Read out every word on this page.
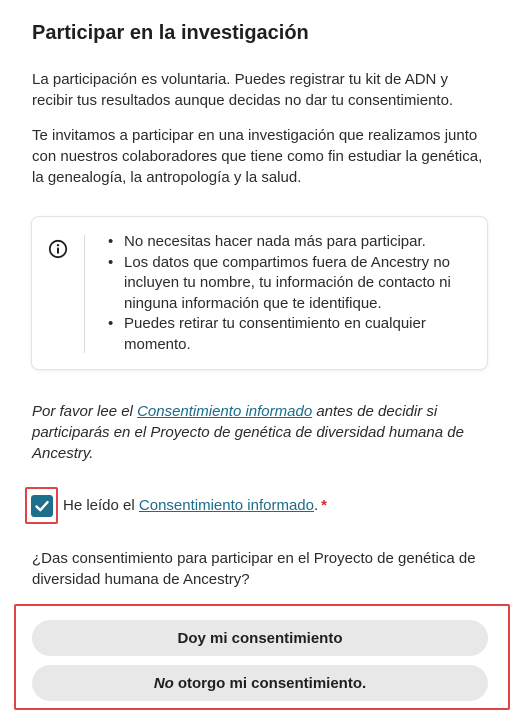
Participar en la investigación

La participación es voluntaria. Puedes registrar tu kit de ADN y recibir tus resultados aunque decidas no dar tu consentimiento.

Te invitamos a participar en una investigación que realizamos junto con nuestros colaboradores que tiene como fin estudiar la genética, la genealogía, la antropología y la salud.

• No necesitas hacer nada más para participar.
• Los datos que compartimos fuera de Ancestry no incluyen tu nombre, tu información de contacto ni ninguna información que te identifique.
• Puedes retirar tu consentimiento en cualquier momento.

Por favor lee el Consentimiento informado antes de decidir si participarás en el Proyecto de genética de diversidad humana de Ancestry.

He leído el Consentimiento informado. *

¿Das consentimiento para participar en el Proyecto de genética de diversidad humana de Ancestry?

Doy mi consentimiento
No otorgo mi consentimiento.
